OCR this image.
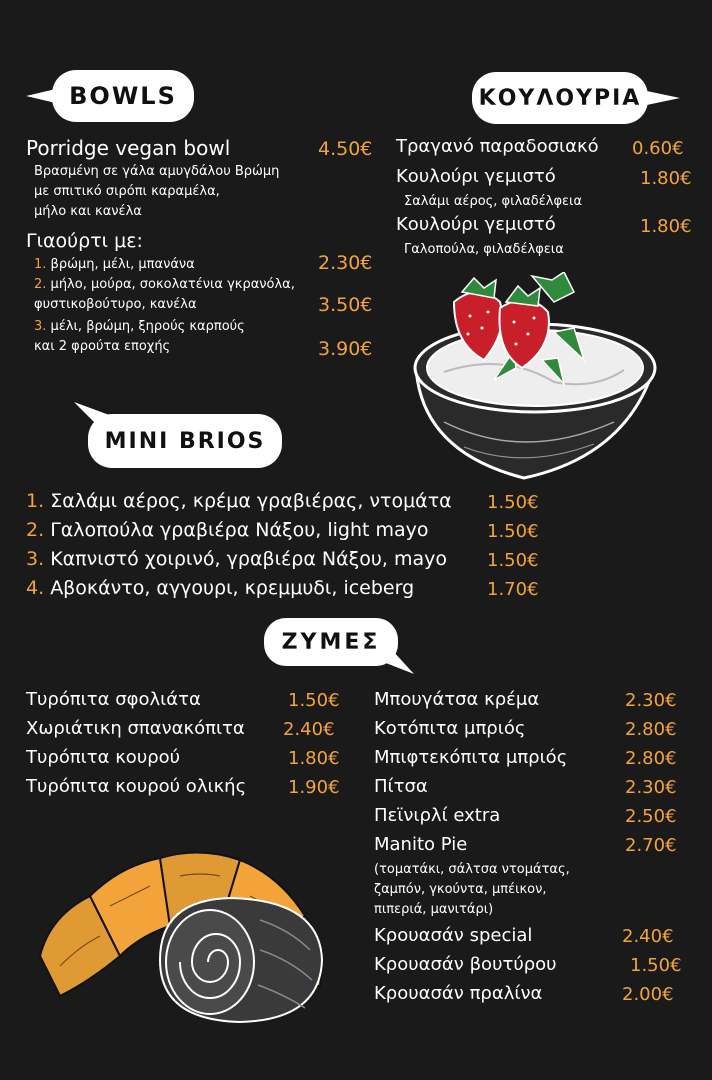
BOWLS	ΚΟΥΛΟΥΡΙΑ
Porridge vegan bowl	4.50€
Βρασμένη σε γάλα αμυγδάλου Βρώμη
με σπιτικό σιρόπι καραμέλα,
μήλο και κανέλα
Γιαούρτι με:
1. βρώμη, μέλι, μπανάνα	2.30€
2. μήλο, μούρα, σοκολατένια γκρανόλα,
φυστικοβούτυρο, κανέλα	3.50€
3. μέλι, βρώμη, ξηρούς καρπούς
και 2 φρούτα εποχής	3.90€
Τραγανό παραδοσιακό 0.60€
Κουλούρι γεμιστό	1.80€
Σαλάμι αέρος, φιλαδέλφεια
Κουλούρι γεμιστό	1.80€
Γαλοπούλα, φιλαδέλφεια
MINI BRIOS
1. Σαλάμι αέρος, κρέμα γραβιέρας, ντομάτα 1.50€
2. Γαλοπούλα γραβιέρα Νάξου, light mayo	1.50€
3. Καπνιστό χοιρινό, γραβιέρα Νάξου, mayo 1.50€
4. Αβοκάντο, αγγουρι, κρεμμυδι, iceberg	1.70€
ΖΥΜΕΣ
Τυρόπιτα σφολιάτα	1.50€
Χωριάτικη σπανακόπιτα 2.40€
Τυρόπιτα κουρού	1.80€
Τυρόπιτα κουρού ολικής 1.90€
Μπουγάτσα κρέμα	2.30€
Κοτόπιτα μπριός	2.80€
Μπιφτεκόπιτα μπριός	2.80€
Πίτσα	2.30€
Πεϊνιρλί extra	2.50€
Manito Pie	2.70€
(τοματάκι, σάλτσα ντομάτας,
ζαμπόν, γκούντα, μπέικον,
πιπεριά, μανιτάρι)
Κρουασάν special	2.40€
Κρουασάν βουτύρου	1.50€
Κρουασάν πραλίνα	2.00€
